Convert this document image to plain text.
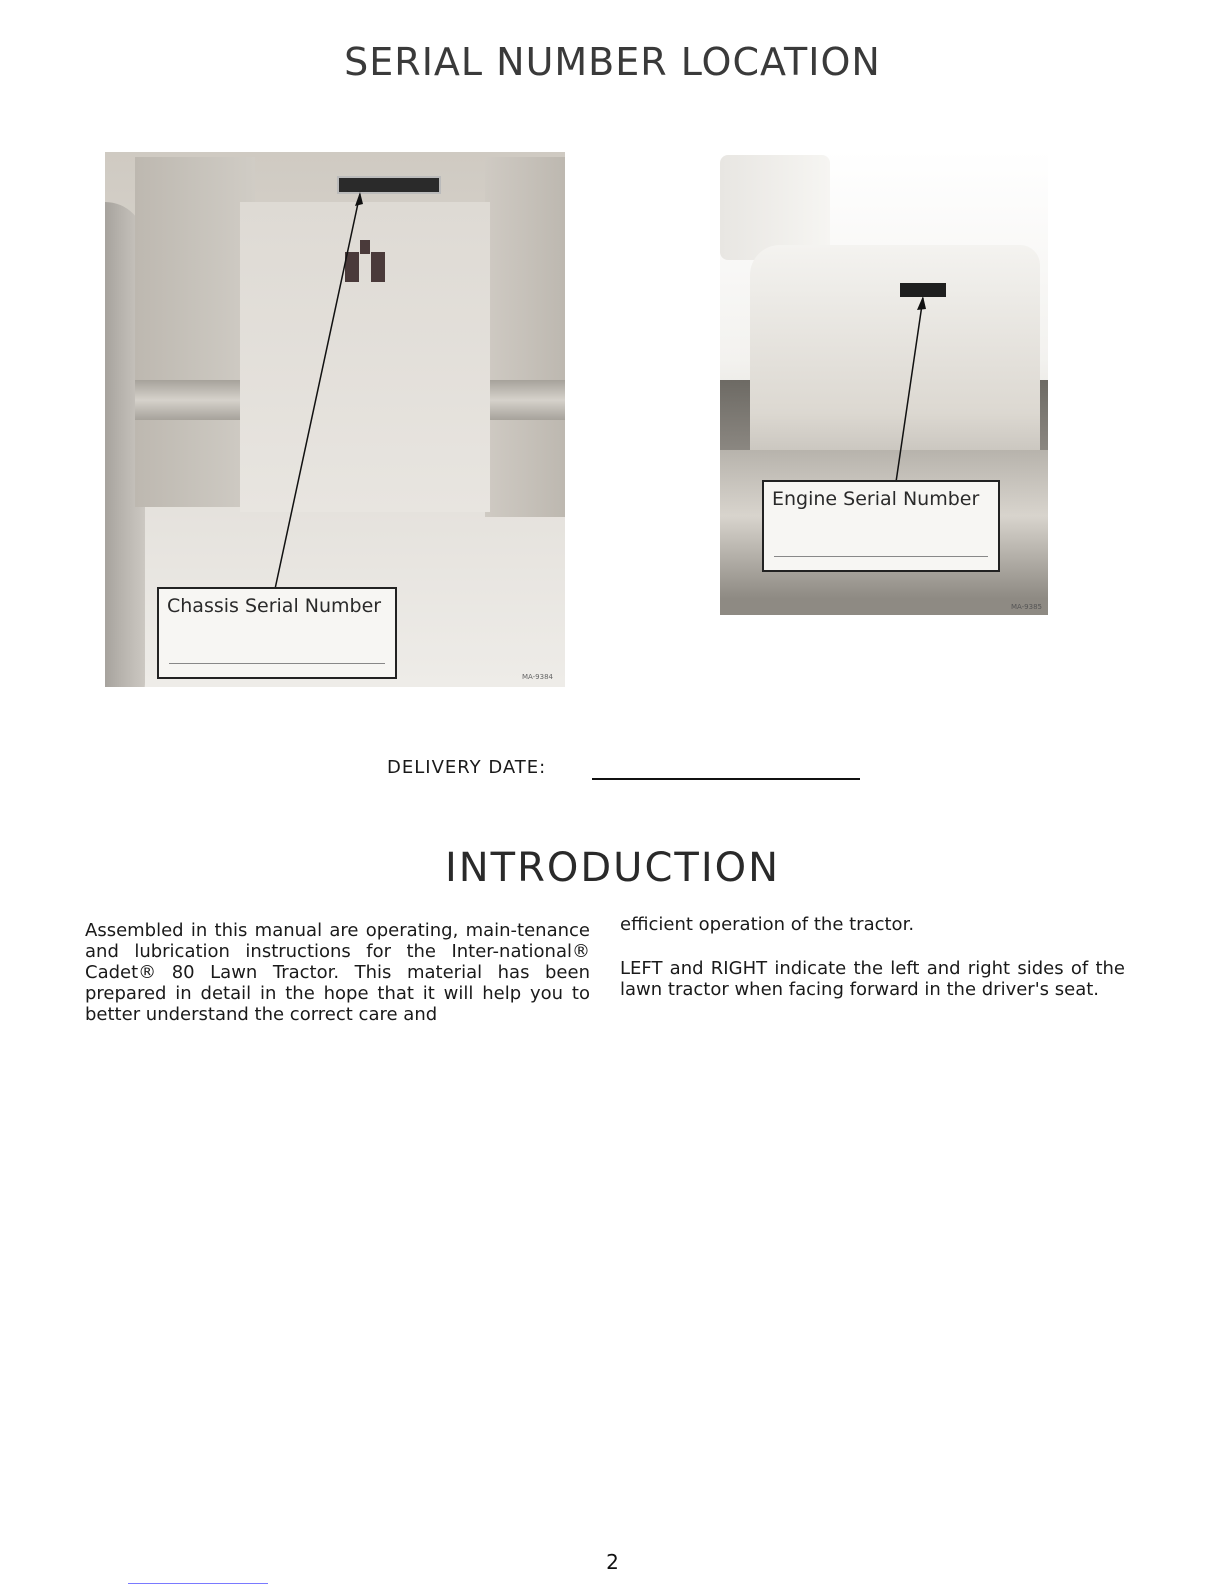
SERIAL NUMBER LOCATION
Chassis Serial Number
MA-9384
Engine Serial Number
MA-9385
DELIVERY DATE:
INTRODUCTION

Assembled in this manual are operating, main-tenance and lubrication instructions for the Inter-national® Cadet® 80 Lawn Tractor. This material has been prepared in detail in the hope that it will help you to better understand the correct care and

efficient operation of the tractor.

LEFT and RIGHT indicate the left and right sides of the lawn tractor when facing forward in the driver's seat.

2
